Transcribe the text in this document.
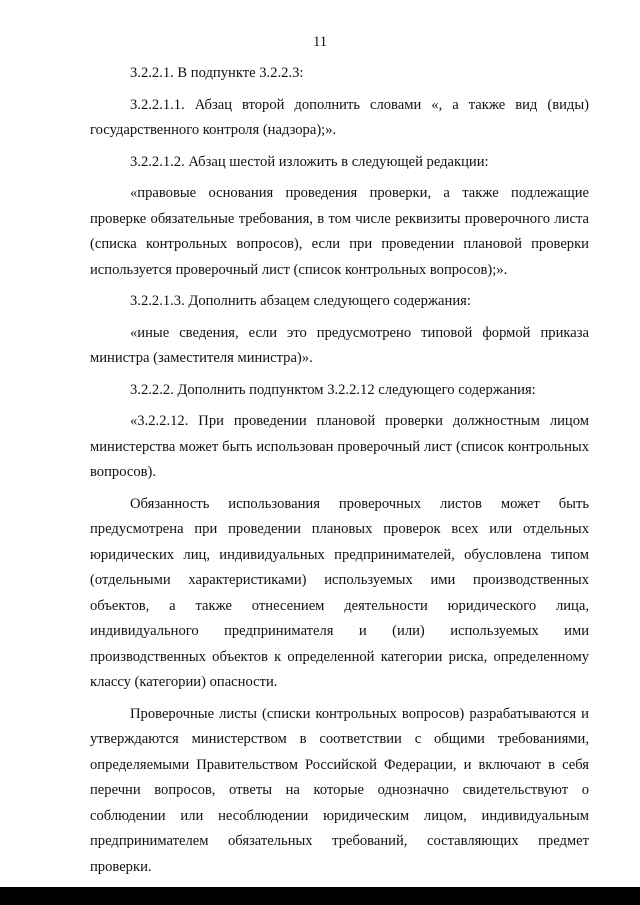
11

3.2.2.1. В подпункте 3.2.2.3:

3.2.2.1.1. Абзац второй дополнить словами «, а также вид (виды) государственного контроля (надзора);».

3.2.2.1.2. Абзац шестой изложить в следующей редакции:

«правовые основания проведения проверки, а также подлежащие проверке обязательные требования, в том числе реквизиты проверочного листа (списка контрольных вопросов), если при проведении плановой проверки используется проверочный лист (список контрольных вопросов);».

3.2.2.1.3. Дополнить абзацем следующего содержания:

«иные сведения, если это предусмотрено типовой формой приказа министра (заместителя министра)».

3.2.2.2. Дополнить подпунктом 3.2.2.12 следующего содержания:

«3.2.2.12. При проведении плановой проверки должностным лицом министерства может быть использован проверочный лист (список контрольных вопросов).

Обязанность использования проверочных листов может быть предусмотрена при проведении плановых проверок всех или отдельных юридических лиц, индивидуальных предпринимателей, обусловлена типом (отдельными характеристиками) используемых ими производственных объектов, а также отнесением деятельности юридического лица, индивидуального предпринимателя и (или) используемых ими производственных объектов к определенной категории риска, определенному классу (категории) опасности.

Проверочные листы (списки контрольных вопросов) разрабатываются и утверждаются министерством в соответствии с общими требованиями, определяемыми Правительством Российской Федерации, и включают в себя перечни вопросов, ответы на которые однозначно свидетельствуют о соблюдении или несоблюдении юридическим лицом, индивидуальным предпринимателем обязательных требований, составляющих предмет проверки.
